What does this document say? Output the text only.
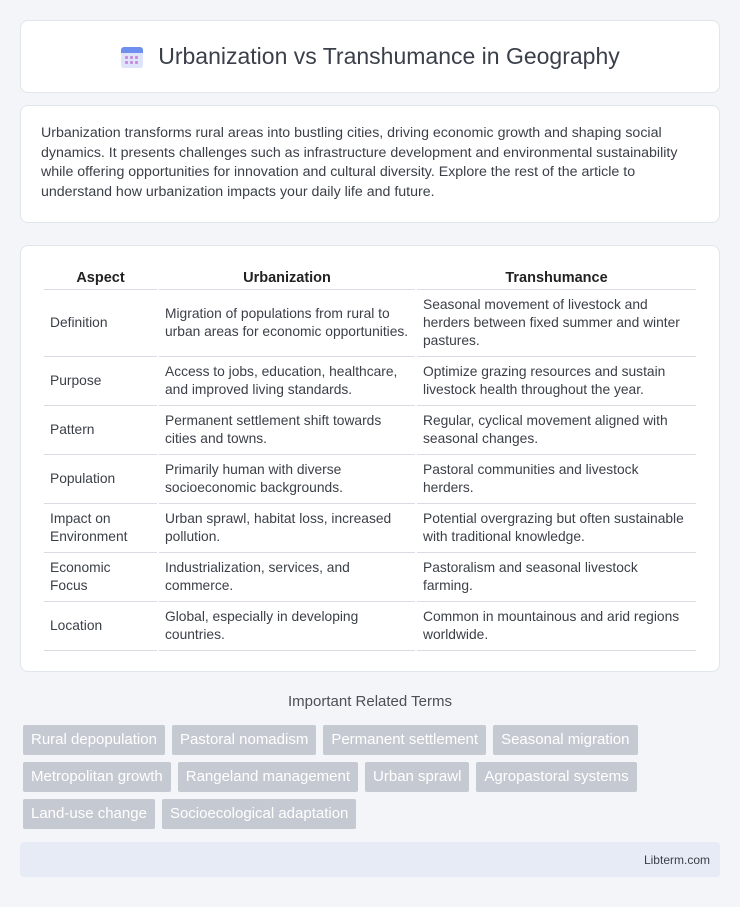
Urbanization vs Transhumance in Geography

Urbanization transforms rural areas into bustling cities, driving economic growth and shaping social dynamics. It presents challenges such as infrastructure development and environmental sustainability while offering opportunities for innovation and cultural diversity. Explore the rest of the article to understand how urbanization impacts your daily life and future.

Aspect	Urbanization	Transhumance
Definition	Migration of populations from rural to urban areas for economic opportunities.	Seasonal movement of livestock and herders between fixed summer and winter pastures.
Purpose	Access to jobs, education, healthcare, and improved living standards.	Optimize grazing resources and sustain livestock health throughout the year.
Pattern	Permanent settlement shift towards cities and towns.	Regular, cyclical movement aligned with seasonal changes.
Population	Primarily human with diverse socioeconomic backgrounds.	Pastoral communities and livestock herders.
Impact on Environment	Urban sprawl, habitat loss, increased pollution.	Potential overgrazing but often sustainable with traditional knowledge.
Economic Focus	Industrialization, services, and commerce.	Pastoralism and seasonal livestock farming.
Location	Global, especially in developing countries.	Common in mountainous and arid regions worldwide.
Important Related Terms
Rural depopulation	Pastoral nomadism	Permanent settlement	Seasonal migration
Metropolitan growth	Rangeland management	Urban sprawl	Agropastoral systems
Land-use change	Socioecological adaptation
Libterm.com
